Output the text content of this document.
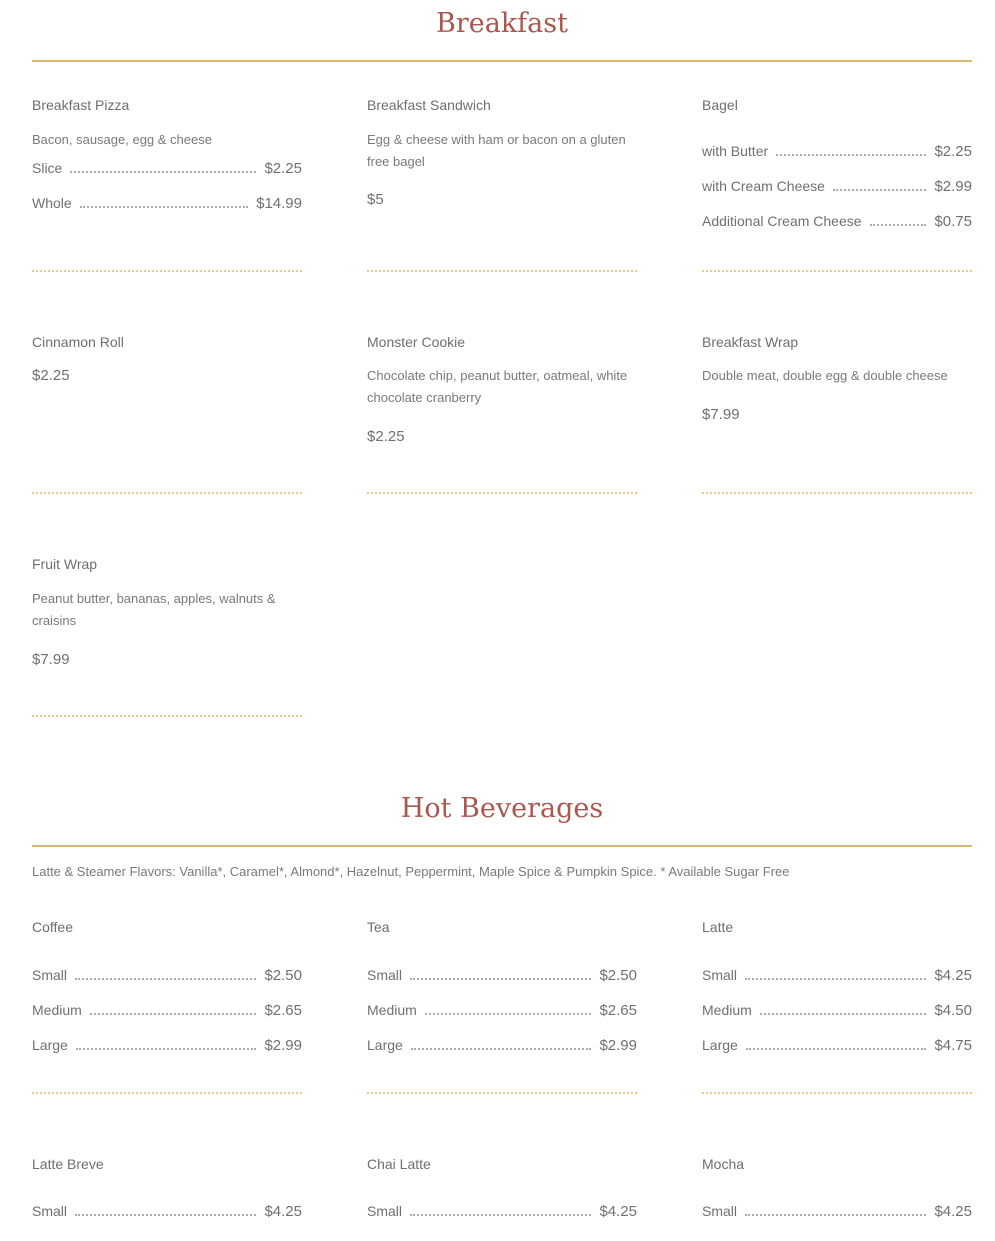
Breakfast
Breakfast Pizza
Bacon, sausage, egg & cheese
Slice	$2.25
Whole	$14.99
Breakfast Sandwich
Egg & cheese with ham or bacon on a gluten free bagel
$5
Bagel
with Butter	$2.25
with Cream Cheese	$2.99
Additional Cream Cheese	$0.75
Cinnamon Roll
$2.25
Monster Cookie
Chocolate chip, peanut butter, oatmeal, white chocolate cranberry
$2.25
Breakfast Wrap
Double meat, double egg & double cheese
$7.99
Fruit Wrap
Peanut butter, bananas, apples, walnuts & craisins
$7.99
Hot Beverages
Latte & Steamer Flavors: Vanilla*, Caramel*, Almond*, Hazelnut, Peppermint, Maple Spice & Pumpkin Spice. * Available Sugar Free
Coffee
Small	$2.50
Medium	$2.65
Large	$2.99
Tea
Small	$2.50
Medium	$2.65
Large	$2.99
Latte
Small	$4.25
Medium	$4.50
Large	$4.75
Latte Breve
Small	$4.25
Chai Latte
Small	$4.25
Mocha
Small	$4.25
